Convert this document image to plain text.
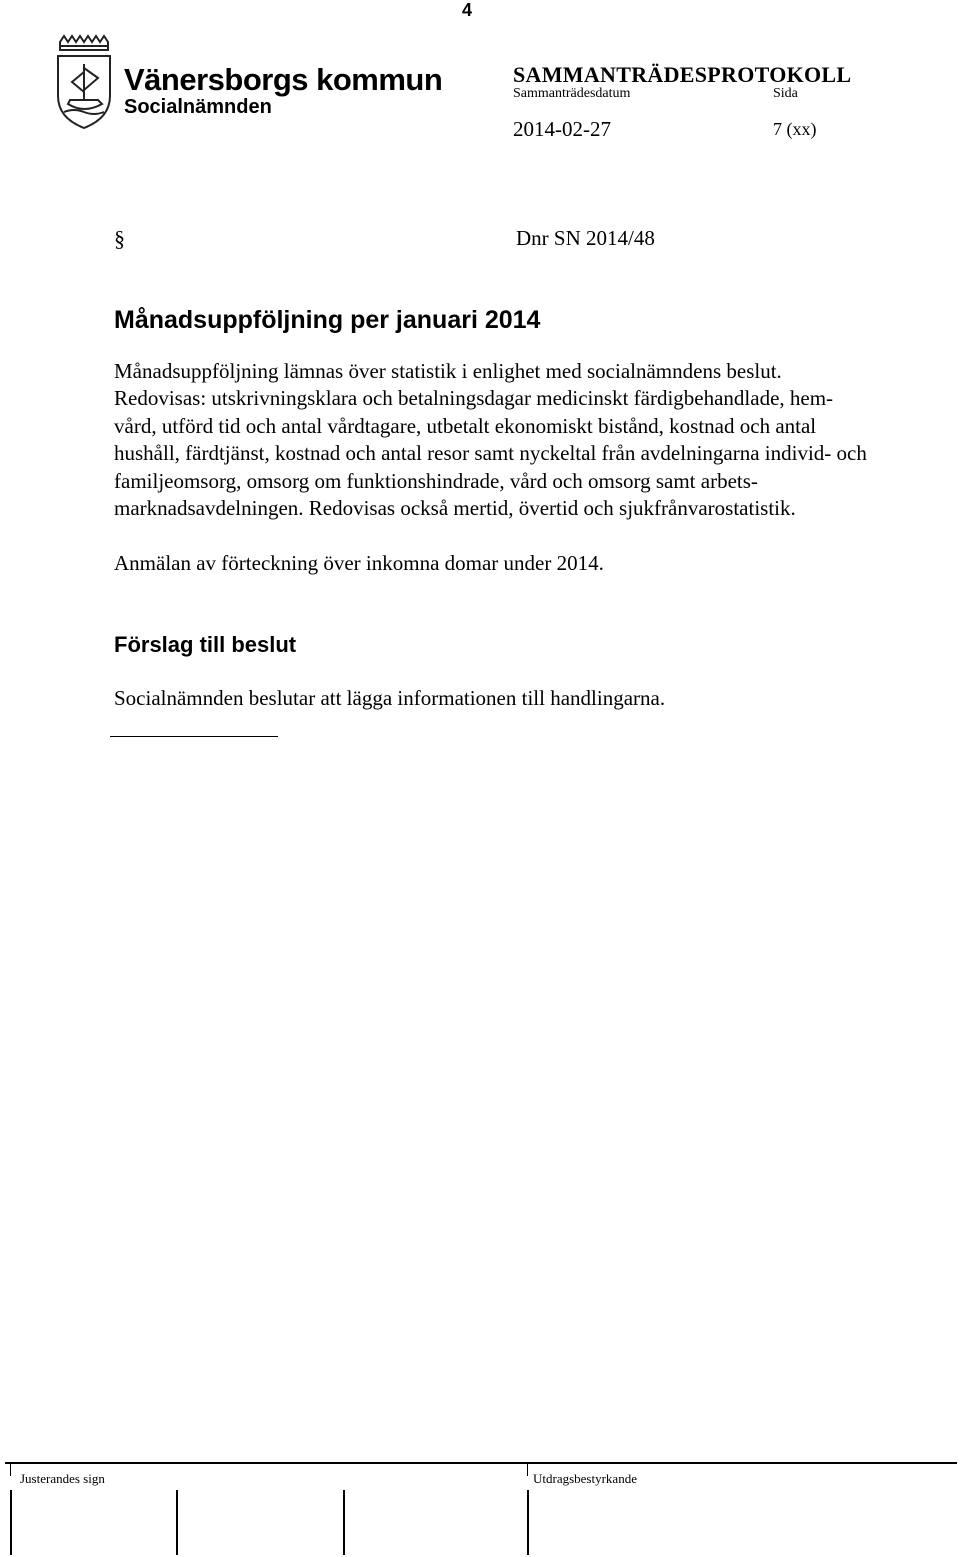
4
Vänersborgs kommun
Socialnämnden
SAMMANTRÄDESPROTOKOLL
Sammanträdesdatum	Sida
2014-02-27	7 (xx)
§	Dnr SN 2014/48
Månadsuppföljning per januari 2014
Månadsuppföljning lämnas över statistik i enlighet med socialnämndens beslut. Redovisas: utskrivningsklara och betalningsdagar medicinskt färdigbehandlade, hem-vård, utförd tid och antal vårdtagare, utbetalt ekonomiskt bistånd, kostnad och antal hushåll, färdtjänst, kostnad och antal resor samt nyckeltal från avdelningarna individ- och familjeomsorg, omsorg om funktionshindrade, vård och omsorg samt arbets-marknadsavdelningen. Redovisas också mertid, övertid och sjukfrånvarostatistik.
Anmälan av förteckning över inkomna domar under 2014.
Förslag till beslut
Socialnämnden beslutar att lägga informationen till handlingarna.
Justerandes sign	Utdragsbestyrkande
